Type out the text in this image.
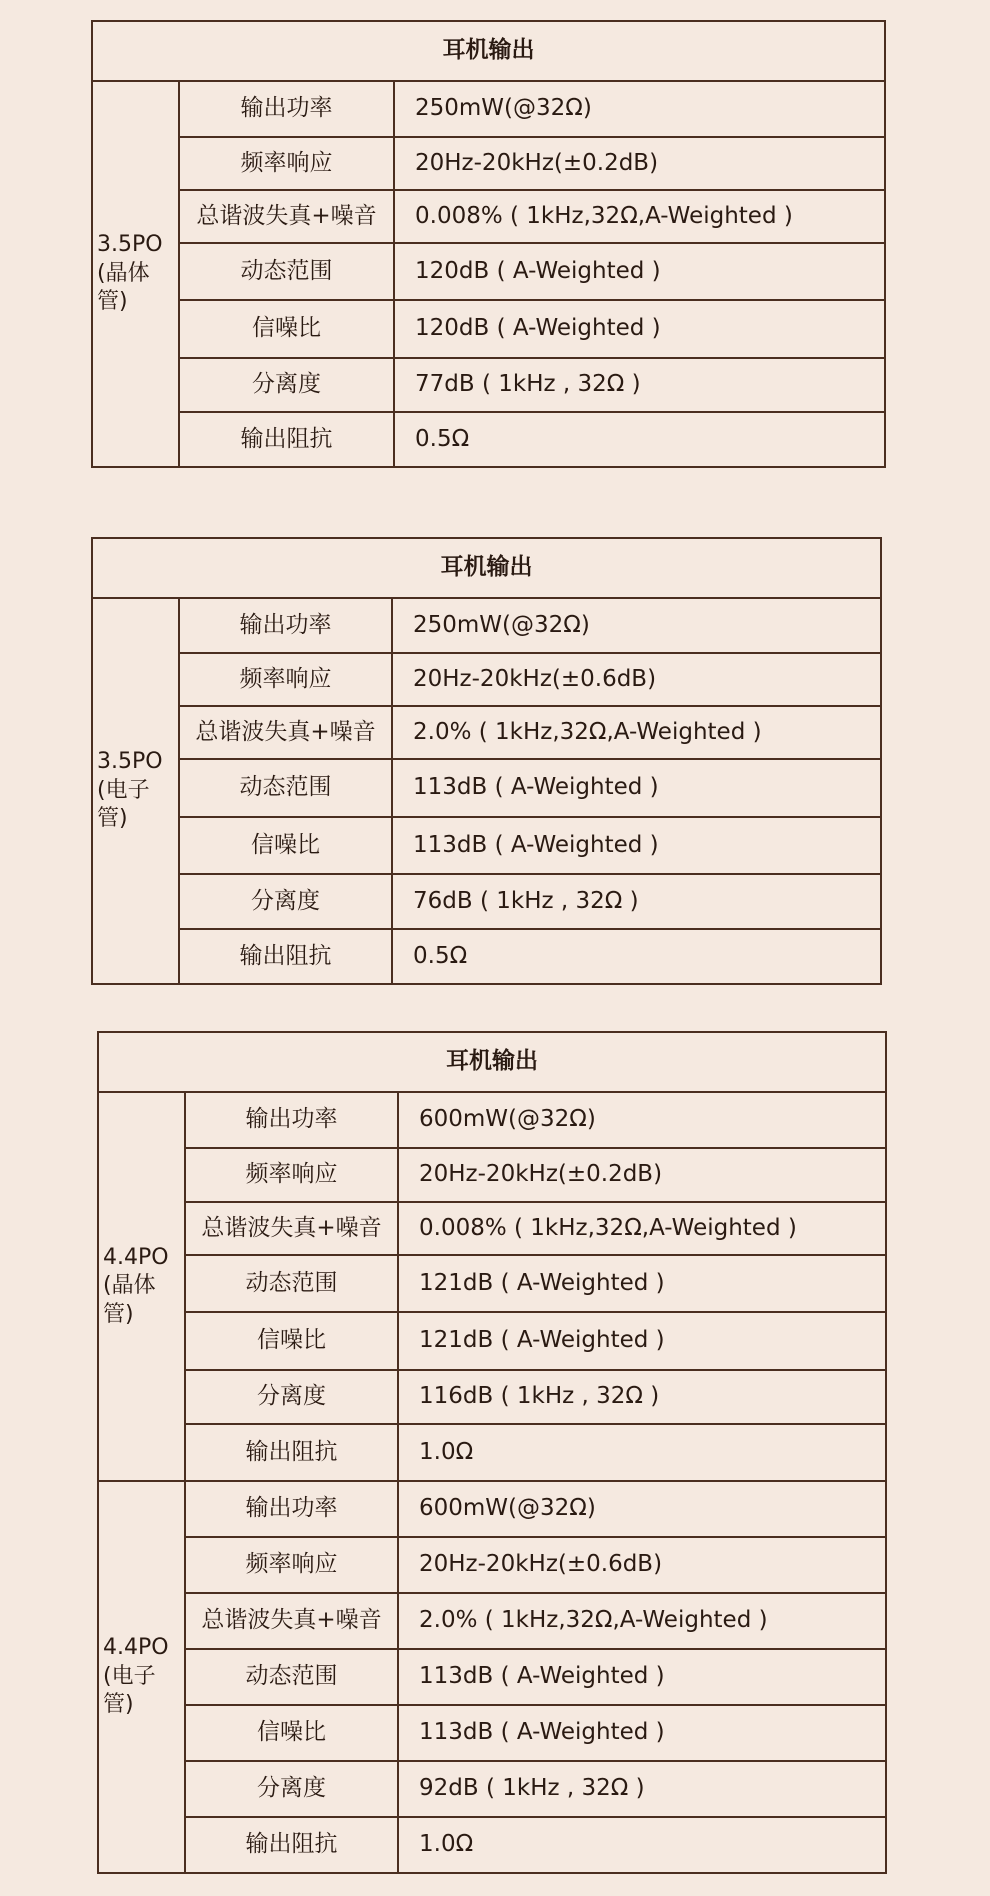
耳机输出		
3.5PO (晶体管)	输出功率	250mW(@32Ω)
	频率响应	20Hz-20kHz(±0.2dB)
	总谐波失真+噪音	0.008% ( 1kHz,32Ω,A-Weighted )
	动态范围	120dB ( A-Weighted )
	信噪比	120dB ( A-Weighted )
	分离度	77dB ( 1kHz , 32Ω )
	输出阻抗	0.5Ω
耳机输出		
3.5PO (电子管)	输出功率	250mW(@32Ω)
	频率响应	20Hz-20kHz(±0.6dB)
	总谐波失真+噪音	2.0% ( 1kHz,32Ω,A-Weighted )
	动态范围	113dB ( A-Weighted )
	信噪比	113dB ( A-Weighted )
	分离度	76dB ( 1kHz , 32Ω )
	输出阻抗	0.5Ω
耳机输出		
4.4PO (晶体管)	输出功率	600mW(@32Ω)
	频率响应	20Hz-20kHz(±0.2dB)
	总谐波失真+噪音	0.008% ( 1kHz,32Ω,A-Weighted )
	动态范围	121dB ( A-Weighted )
	信噪比	121dB ( A-Weighted )
	分离度	116dB ( 1kHz , 32Ω )
	输出阻抗	1.0Ω
4.4PO (电子管)	输出功率	600mW(@32Ω)
	频率响应	20Hz-20kHz(±0.6dB)
	总谐波失真+噪音	2.0% ( 1kHz,32Ω,A-Weighted )
	动态范围	113dB ( A-Weighted )
	信噪比	113dB ( A-Weighted )
	分离度	92dB ( 1kHz , 32Ω )
	输出阻抗	1.0Ω
